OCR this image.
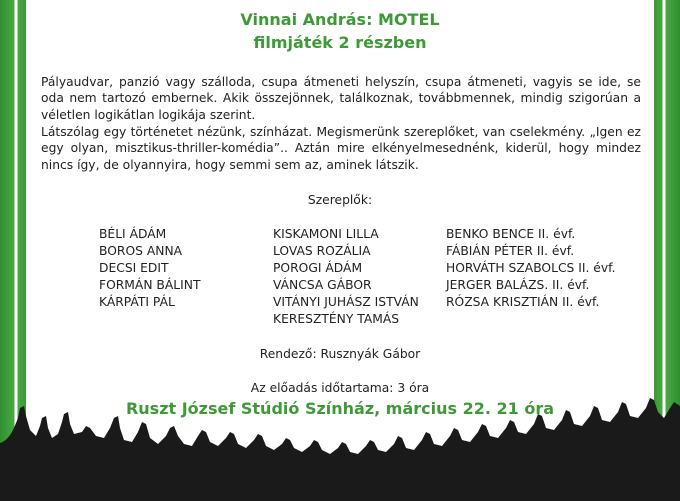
Vinnai András: MOTEL
filmjáték 2 részben

Pályaudvar, panzió vagy szálloda, csupa átmeneti helyszín, csupa átmeneti, vagyis se ide, se oda nem tartozó embernek. Akik összejönnek, találkoznak, továbbmennek, mindig szigorúan a véletlen logikátlan logikája szerint.

Látszólag egy történetet nézünk, színházat. Megismerünk szereplőket, van cselekmény. „Igen ez egy olyan, misztikus-thriller-komédia”.. Aztán mire elkényelmesednénk, kiderül, hogy mindez nincs így, de olyannyira, hogy semmi sem az, aminek látszik.

Szereplők:
BÉLI ÁDÁM
BOROS ANNA
DECSI EDIT
FORMÁN BÁLINT
KÁRPÁTI PÁL
KISKAMONI LILLA
LOVAS ROZÁLIA
POROGI ÁDÁM
VÁNCSA GÁBOR
VITÁNYI JUHÁSZ ISTVÁN
KERESZTÉNY TAMÁS
BENKO BENCE II. évf.
FÁBIÁN PÉTER II. évf.
HORVÁTH SZABOLCS II. évf.
JERGER BALÁZS. II. évf.
RÓZSA KRISZTIÁN II. évf.
Rendező: Rusznyák Gábor
Az előadás időtartama: 3 óra
Ruszt József Stúdió Színház, március 22. 21 óra
